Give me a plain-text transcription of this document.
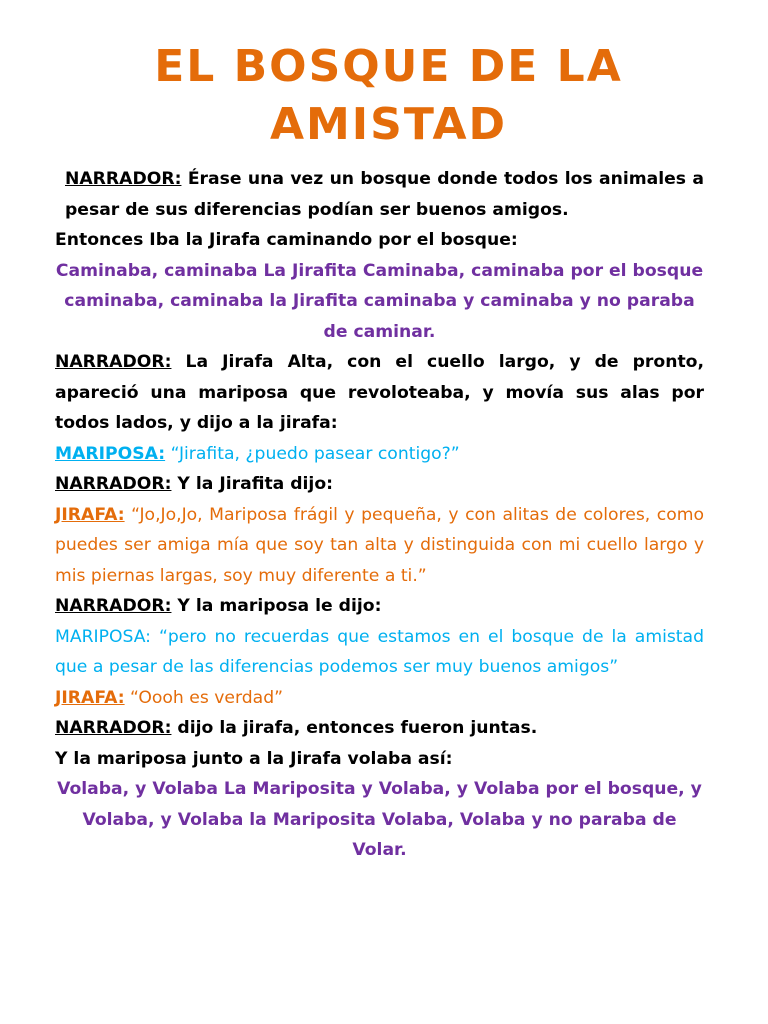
EL BOSQUE DE LA
AMISTAD

NARRADOR: Érase una vez un bosque donde todos los animales a pesar de sus diferencias podían ser buenos amigos.

Entonces Iba la Jirafa caminando por el bosque:

Caminaba, caminaba La Jirafita Caminaba, caminaba por el bosque caminaba, caminaba la Jirafita caminaba y caminaba y no paraba de caminar.

NARRADOR: La Jirafa Alta, con el cuello largo, y de pronto, apareció una mariposa que revoloteaba, y movía sus alas por todos lados, y dijo a la jirafa:

MARIPOSA: “Jirafita, ¿puedo pasear contigo?”

NARRADOR: Y la Jirafita dijo:

JIRAFA: “Jo,Jo,Jo, Mariposa frágil y pequeña, y con alitas de colores, como puedes ser amiga mía que soy tan alta y distinguida con mi cuello largo y mis piernas largas, soy muy diferente a ti.”

NARRADOR: Y la mariposa le dijo:

MARIPOSA: “pero no recuerdas que estamos en el bosque de la amistad que a pesar de las diferencias podemos ser muy buenos amigos”

JIRAFA: “Oooh es verdad”

NARRADOR: dijo la jirafa, entonces fueron juntas.

Y la mariposa junto a la Jirafa volaba así:

Volaba, y Volaba La Mariposita y Volaba, y Volaba por el bosque, y Volaba, y Volaba la Mariposita Volaba, Volaba y no paraba de Volar.
